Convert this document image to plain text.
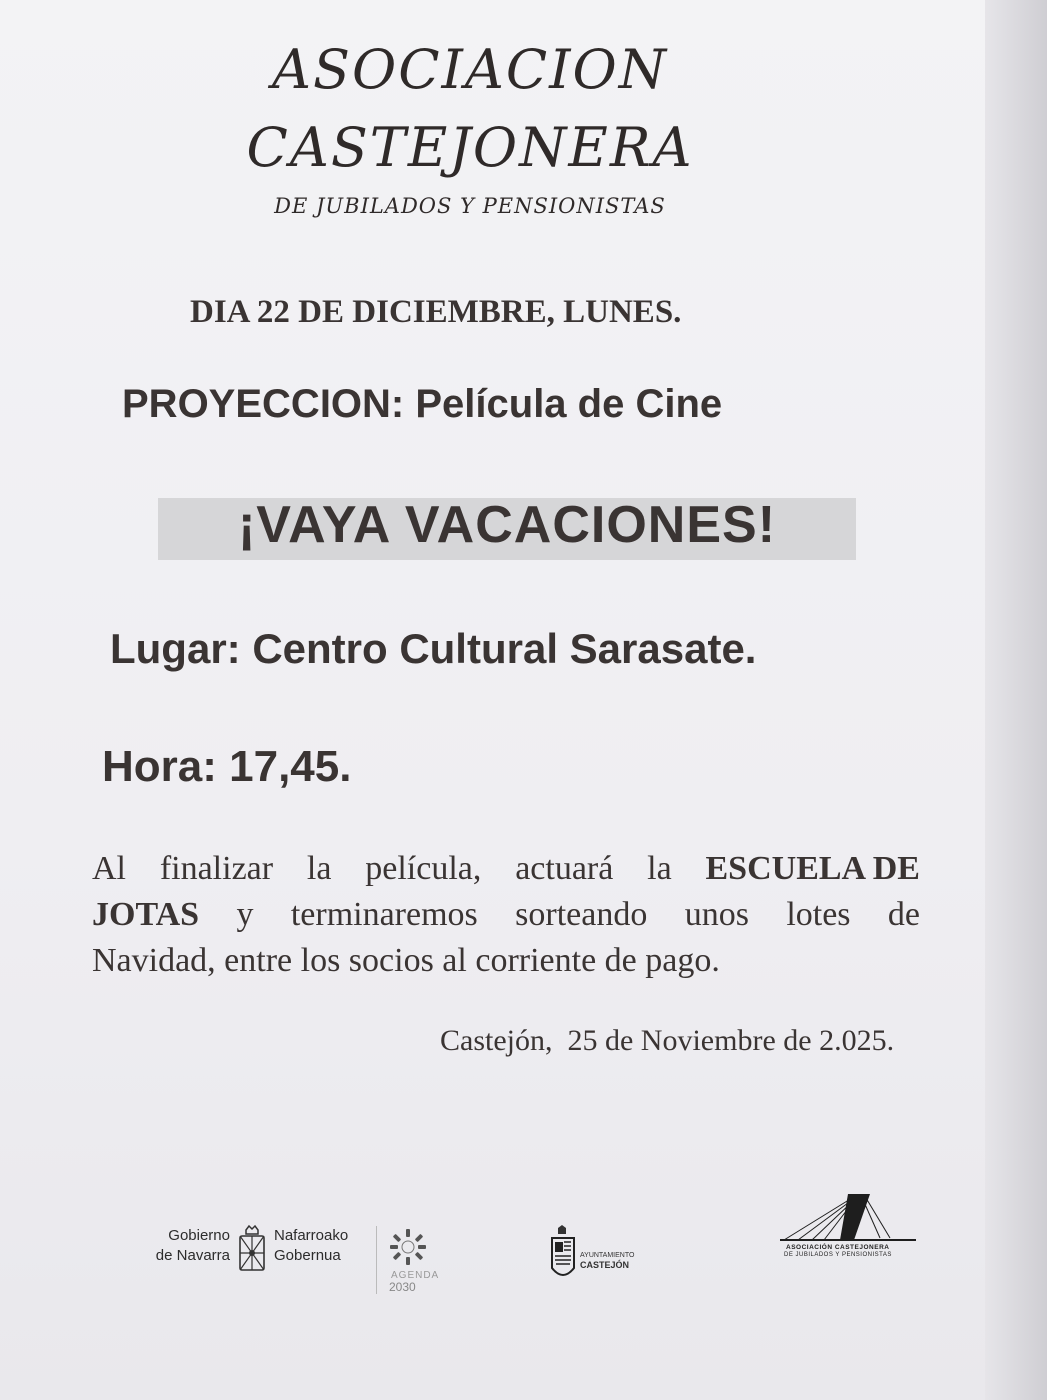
ASOCIACION
CASTEJONERA
DE JUBILADOS Y PENSIONISTAS
DIA 22 DE DICIEMBRE, LUNES.
PROYECCION: Película de Cine
¡VAYA VACACIONES!
Lugar: Centro Cultural Sarasate.
Hora: 17,45.
Al finalizar la película, actuará la ESCUELA DE
JOTAS y terminaremos sorteando unos lotes de
Navidad, entre los socios al corriente de pago.
Castejón,  25 de Noviembre de 2.025.
Gobierno
de Navarra
Nafarroako
Gobernua
AGENDA
2030
AYUNTAMIENTO
CASTEJÓN
ASOCIACIÓN CASTEJONERA
DE JUBILADOS Y PENSIONISTAS
